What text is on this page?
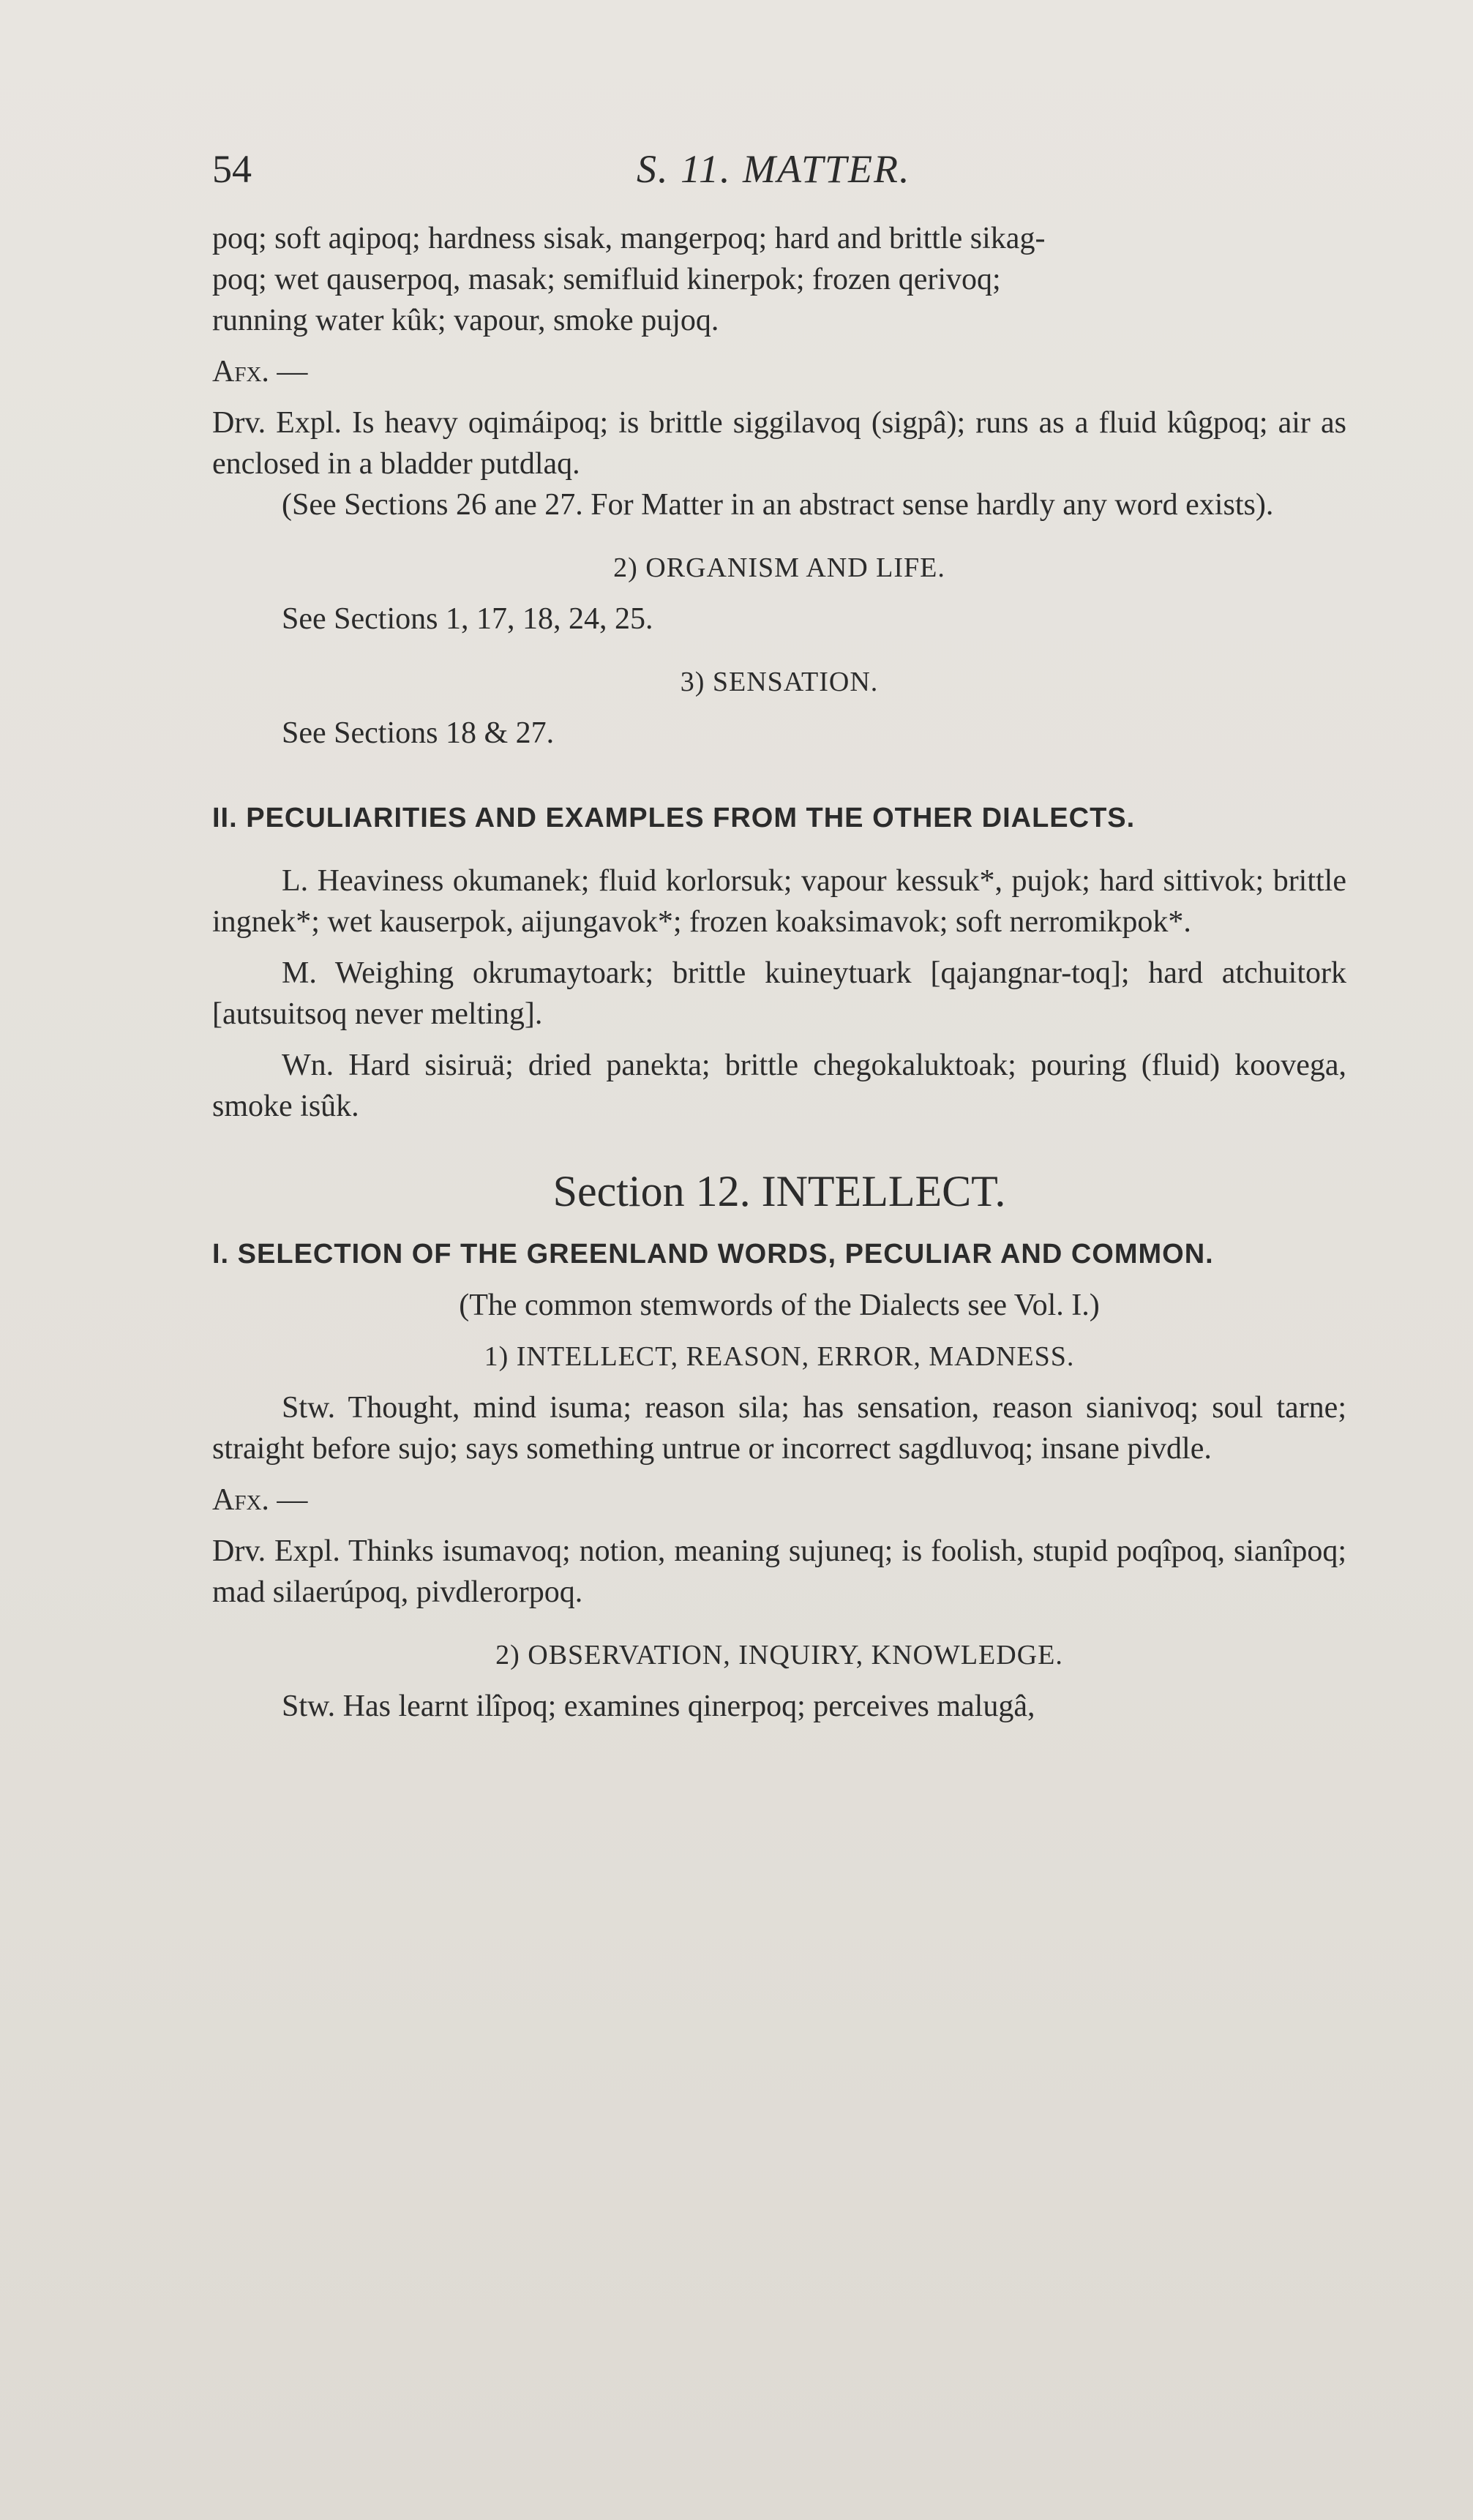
54	S. 11. MATTER.

poq; soft aqipoq; hardness sisak, mangerpoq; hard and brittle sikag-

poq; wet qauserpoq, masak; semifluid kinerpok; frozen qerivoq;

running water kûk; vapour, smoke pujoq.

Afx. —

Drv. Expl. Is heavy oqimáipoq; is brittle siggilavoq (sigpâ); runs as a fluid kûgpoq; air as enclosed in a bladder putdlaq.

(See Sections 26 ane 27. For Matter in an abstract sense hardly any word exists).

2) ORGANISM AND LIFE.

See Sections 1, 17, 18, 24, 25.

3) SENSATION.

See Sections 18 & 27.

II. PECULIARITIES AND EXAMPLES FROM THE OTHER DIALECTS.

L. Heaviness okumanek; fluid korlorsuk; vapour kessuk*, pujok; hard sittivok; brittle ingnek*; wet kauserpok, aijungavok*; frozen koaksimavok; soft nerromikpok*.

M. Weighing okrumaytoark; brittle kuineytuark [qajangnar-toq]; hard atchuitork [autsuitsoq never melting].

Wn. Hard sisiruä; dried panekta; brittle chegokaluktoak; pouring (fluid) koovega, smoke isûk.

Section 12. INTELLECT.

I. SELECTION OF THE GREENLAND WORDS, PECULIAR AND COMMON.

(The common stemwords of the Dialects see Vol. I.)

1) INTELLECT, REASON, ERROR, MADNESS.

Stw. Thought, mind isuma; reason sila; has sensation, reason sianivoq; soul tarne; straight before sujo; says something untrue or incorrect sagdluvoq; insane pivdle.

Afx. —

Drv. Expl. Thinks isumavoq; notion, meaning sujuneq; is foolish, stupid poqîpoq, sianîpoq; mad silaerúpoq, pivdlerorpoq.

2) OBSERVATION, INQUIRY, KNOWLEDGE.

Stw. Has learnt ilîpoq; examines qinerpoq; perceives malugâ,
